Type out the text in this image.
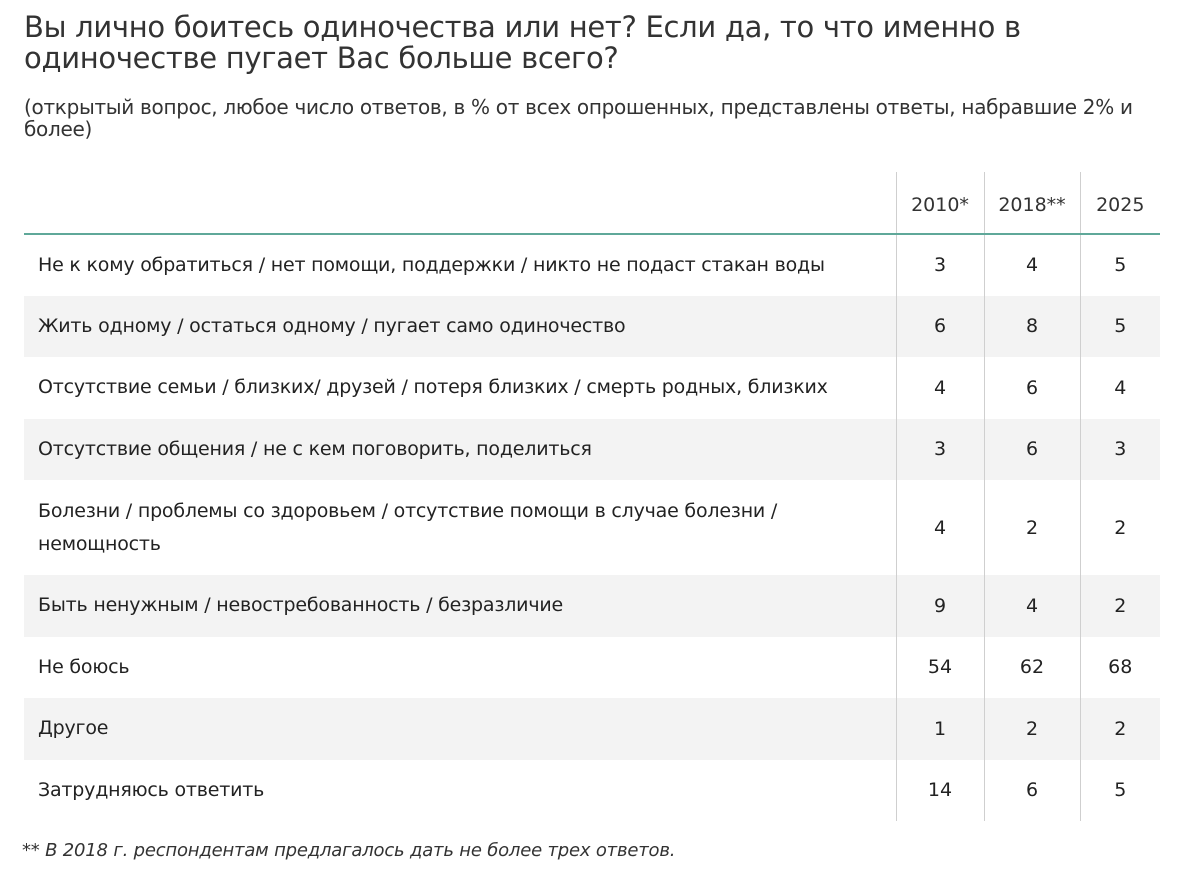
Вы лично боитесь одиночества или нет? Если да, то что именно в одиночестве пугает Вас больше всего?

(открытый вопрос, любое число ответов, в % от всех опрошенных, представлены ответы, набравшие 2% и более)

	2010*	2018**	2025
Не к кому обратиться / нет помощи, поддержки / никто не подаст стакан воды	3	4	5
Жить одному / остаться одному / пугает само одиночество	6	8	5
Отсутствие семьи / близких/ друзей / потеря близких / смерть родных, близких	4	6	4
Отсутствие общения / не с кем поговорить, поделиться	3	6	3
Болезни / проблемы со здоровьем / отсутствие помощи в случае болезни / немощность	4	2	2
Быть ненужным / невостребованность / безразличие	9	4	2
Не боюсь	54	62	68
Другое	1	2	2
Затрудняюсь ответить	14	6	5

** В 2018 г. респондентам предлагалось дать не более трех ответов.
